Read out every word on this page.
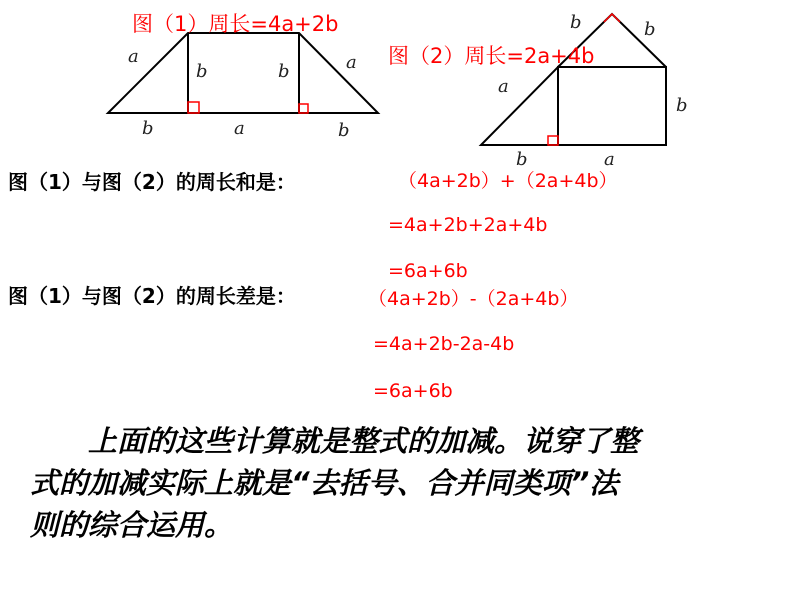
a
b	b	a
b	a	b
b	b
a
b
b	a
图（1）周长=4a+2b
图（2）周长=2a+4b
图（1）与图（2）的周长和是：	（4a+2b）+（2a+4b）
=4a+2b+2a+4b
=6a+6b
图（1）与图（2）的周长差是：	（4a+2b）-（2a+4b）
=4a+2b-2a-4b
=6a+6b
上面的这些计算就是整式的加减。说穿了整
式的加减实际上就是“去括号、合并同类项”法
则的综合运用。
